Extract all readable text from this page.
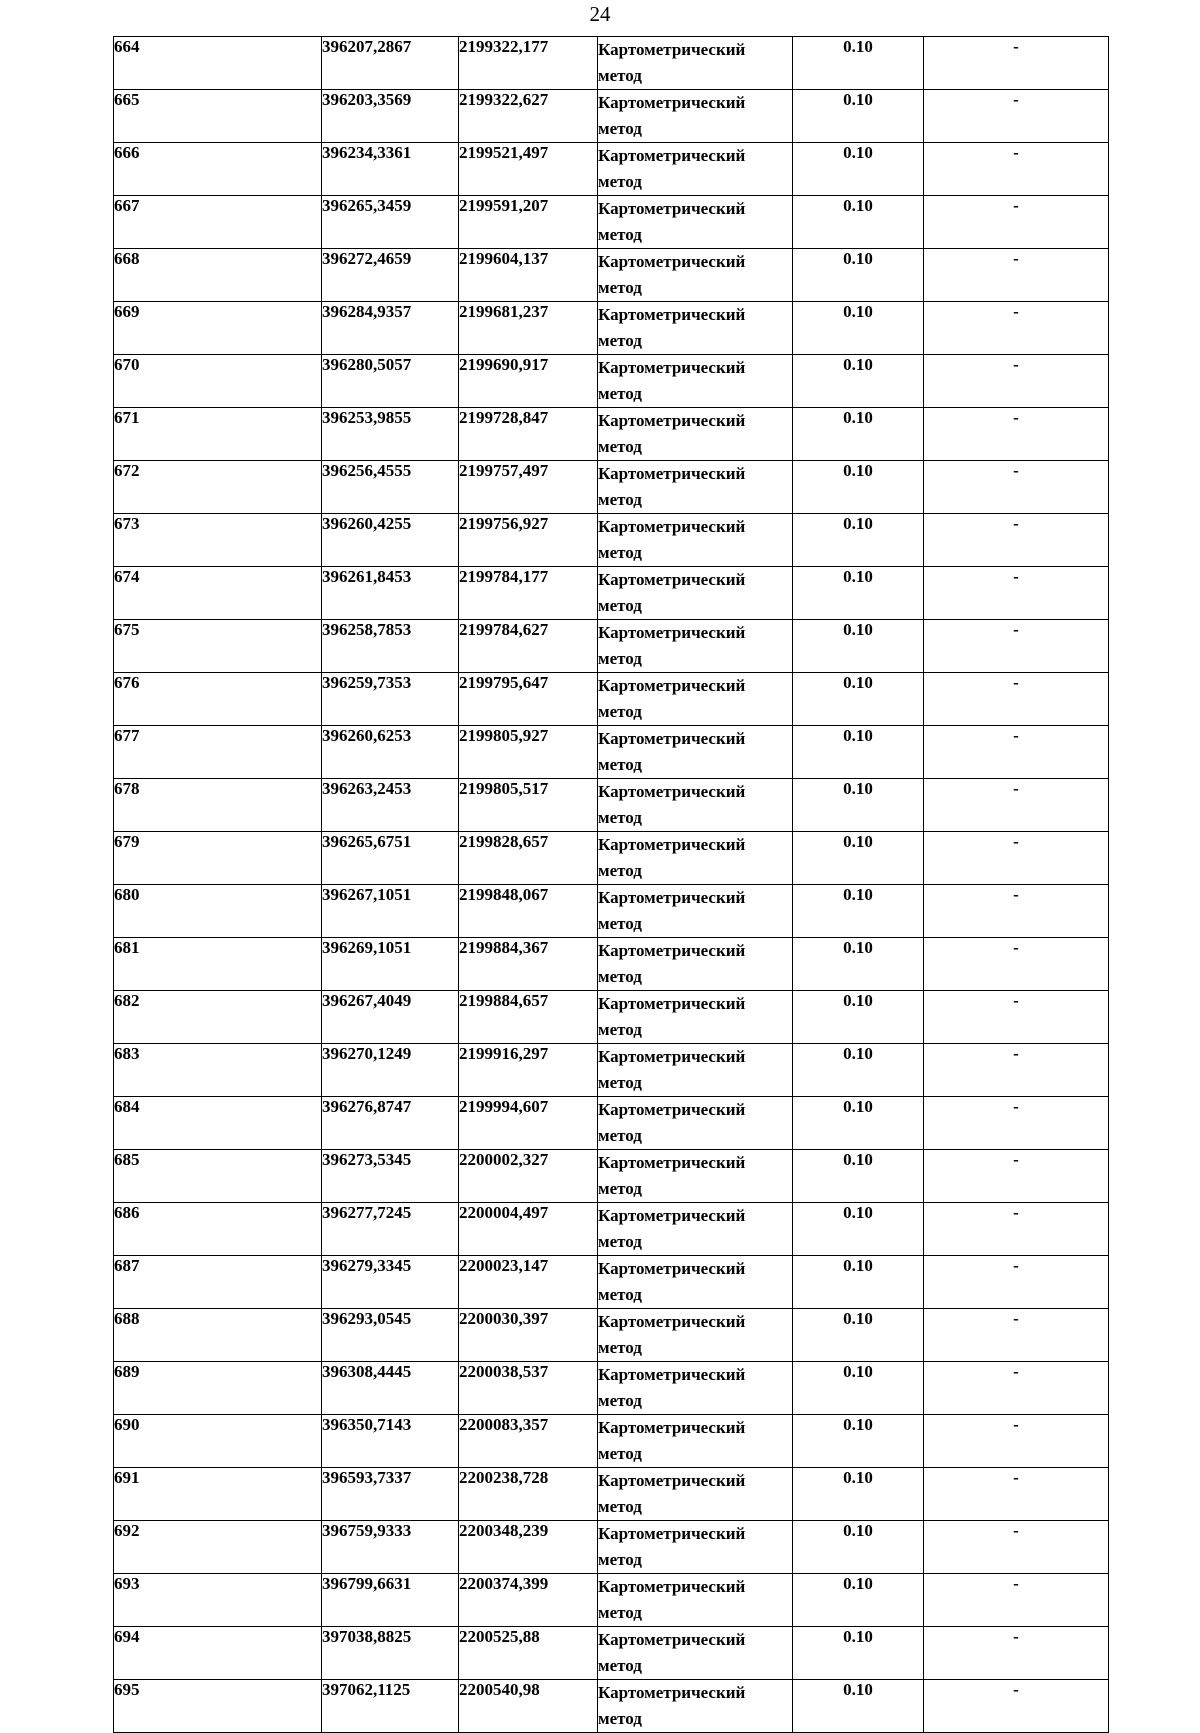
24
664	396207,2867	2199322,177	Картометрический
метод	0.10	-
665	396203,3569	2199322,627	Картометрический
метод	0.10	-
666	396234,3361	2199521,497	Картометрический
метод	0.10	-
667	396265,3459	2199591,207	Картометрический
метод	0.10	-
668	396272,4659	2199604,137	Картометрический
метод	0.10	-
669	396284,9357	2199681,237	Картометрический
метод	0.10	-
670	396280,5057	2199690,917	Картометрический
метод	0.10	-
671	396253,9855	2199728,847	Картометрический
метод	0.10	-
672	396256,4555	2199757,497	Картометрический
метод	0.10	-
673	396260,4255	2199756,927	Картометрический
метод	0.10	-
674	396261,8453	2199784,177	Картометрический
метод	0.10	-
675	396258,7853	2199784,627	Картометрический
метод	0.10	-
676	396259,7353	2199795,647	Картометрический
метод	0.10	-
677	396260,6253	2199805,927	Картометрический
метод	0.10	-
678	396263,2453	2199805,517	Картометрический
метод	0.10	-
679	396265,6751	2199828,657	Картометрический
метод	0.10	-
680	396267,1051	2199848,067	Картометрический
метод	0.10	-
681	396269,1051	2199884,367	Картометрический
метод	0.10	-
682	396267,4049	2199884,657	Картометрический
метод	0.10	-
683	396270,1249	2199916,297	Картометрический
метод	0.10	-
684	396276,8747	2199994,607	Картометрический
метод	0.10	-
685	396273,5345	2200002,327	Картометрический
метод	0.10	-
686	396277,7245	2200004,497	Картометрический
метод	0.10	-
687	396279,3345	2200023,147	Картометрический
метод	0.10	-
688	396293,0545	2200030,397	Картометрический
метод	0.10	-
689	396308,4445	2200038,537	Картометрический
метод	0.10	-
690	396350,7143	2200083,357	Картометрический
метод	0.10	-
691	396593,7337	2200238,728	Картометрический
метод	0.10	-
692	396759,9333	2200348,239	Картометрический
метод	0.10	-
693	396799,6631	2200374,399	Картометрический
метод	0.10	-
694	397038,8825	2200525,88	Картометрический
метод	0.10	-
695	397062,1125	2200540,98	Картометрический
метод	0.10	-
